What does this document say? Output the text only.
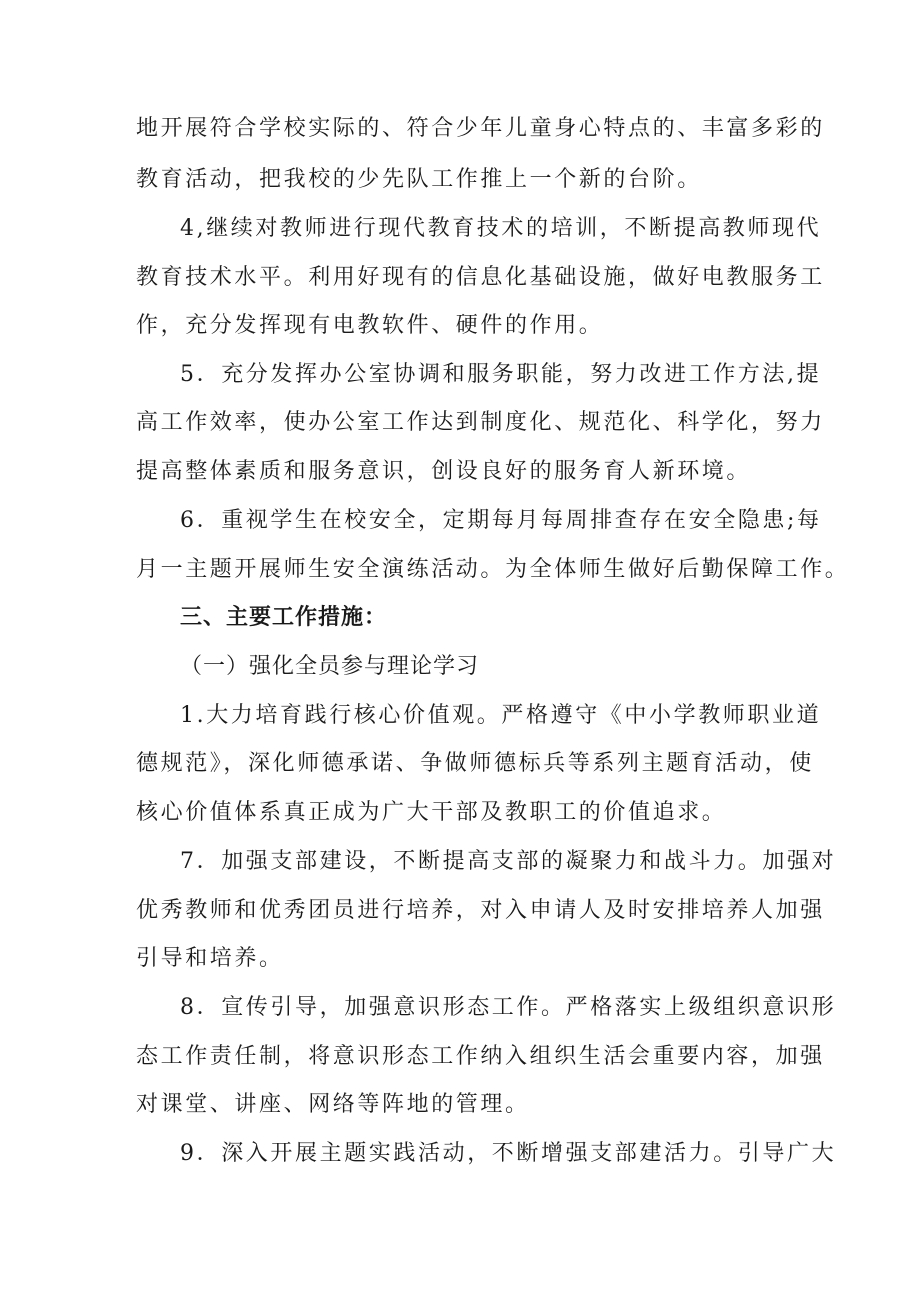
地开展符合学校实际的、符合少年儿童身心特点的、丰富多彩的
教育活动，把我校的少先队工作推上一个新的台阶。
4,继续对教师进行现代教育技术的培训，不断提高教师现代
教育技术水平。利用好现有的信息化基础设施，做好电教服务工
作，充分发挥现有电教软件、硬件的作用。
5．充分发挥办公室协调和服务职能，努力改进工作方法,提
高工作效率，使办公室工作达到制度化、规范化、科学化，努力
提高整体素质和服务意识，创设良好的服务育人新环境。
6．重视学生在校安全，定期每月每周排查存在安全隐患;每
月一主题开展师生安全演练活动。为全体师生做好后勤保障工作。
三、主要工作措施：
（一）强化全员参与理论学习
1.大力培育践行核心价值观。严格遵守《中小学教师职业道
德规范》，深化师德承诺、争做师德标兵等系列主题育活动，使
核心价值体系真正成为广大干部及教职工的价值追求。
7．加强支部建设，不断提高支部的凝聚力和战斗力。加强对
优秀教师和优秀团员进行培养，对入申请人及时安排培养人加强
引导和培养。
8．宣传引导，加强意识形态工作。严格落实上级组织意识形
态工作责任制，将意识形态工作纳入组织生活会重要内容，加强
对课堂、讲座、网络等阵地的管理。
9．深入开展主题实践活动，不断增强支部建活力。引导广大
